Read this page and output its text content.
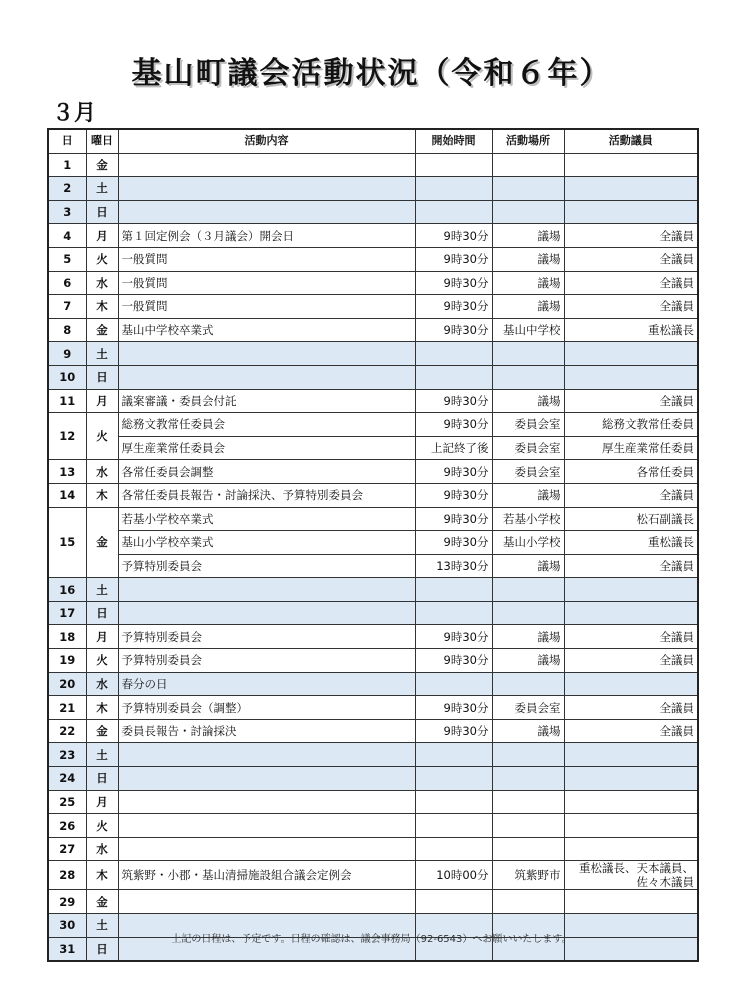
基山町議会活動状況（令和６年）
３月
日	曜日	活動内容	開始時間	活動場所	活動議員
1	金				
2	土				
3	日				
4	月	第１回定例会（３月議会）開会日	9時30分	議場	全議員
5	火	一般質問	9時30分	議場	全議員
6	水	一般質問	9時30分	議場	全議員
7	木	一般質問	9時30分	議場	全議員
8	金	基山中学校卒業式	9時30分	基山中学校	重松議長
9	土				
10	日				
11	月	議案審議・委員会付託	9時30分	議場	全議員
12	火	総務文教常任委員会	9時30分	委員会室	総務文教常任委員
		厚生産業常任委員会	上記終了後	委員会室	厚生産業常任委員
13	水	各常任委員会調整	9時30分	委員会室	各常任委員
14	木	各常任委員長報告・討論採決、予算特別委員会	9時30分	議場	全議員
15	金	若基小学校卒業式	9時30分	若基小学校	松石副議長
		基山小学校卒業式	9時30分	基山小学校	重松議長
		予算特別委員会	13時30分	議場	全議員
16	土				
17	日				
18	月	予算特別委員会	9時30分	議場	全議員
19	火	予算特別委員会	9時30分	議場	全議員
20	水	春分の日			
21	木	予算特別委員会（調整）	9時30分	委員会室	全議員
22	金	委員長報告・討論採決	9時30分	議場	全議員
23	土				
24	日				
25	月				
26	火				
27	水				
28	木	筑紫野・小郡・基山清掃施設組合議会定例会	10時00分	筑紫野市	重松議長、天本議員、
佐々木議員
29	金				
30	土				
31	日				
上記の日程は、予定です。日程の確認は、議会事務局（92-6543）へお願いいたします。
